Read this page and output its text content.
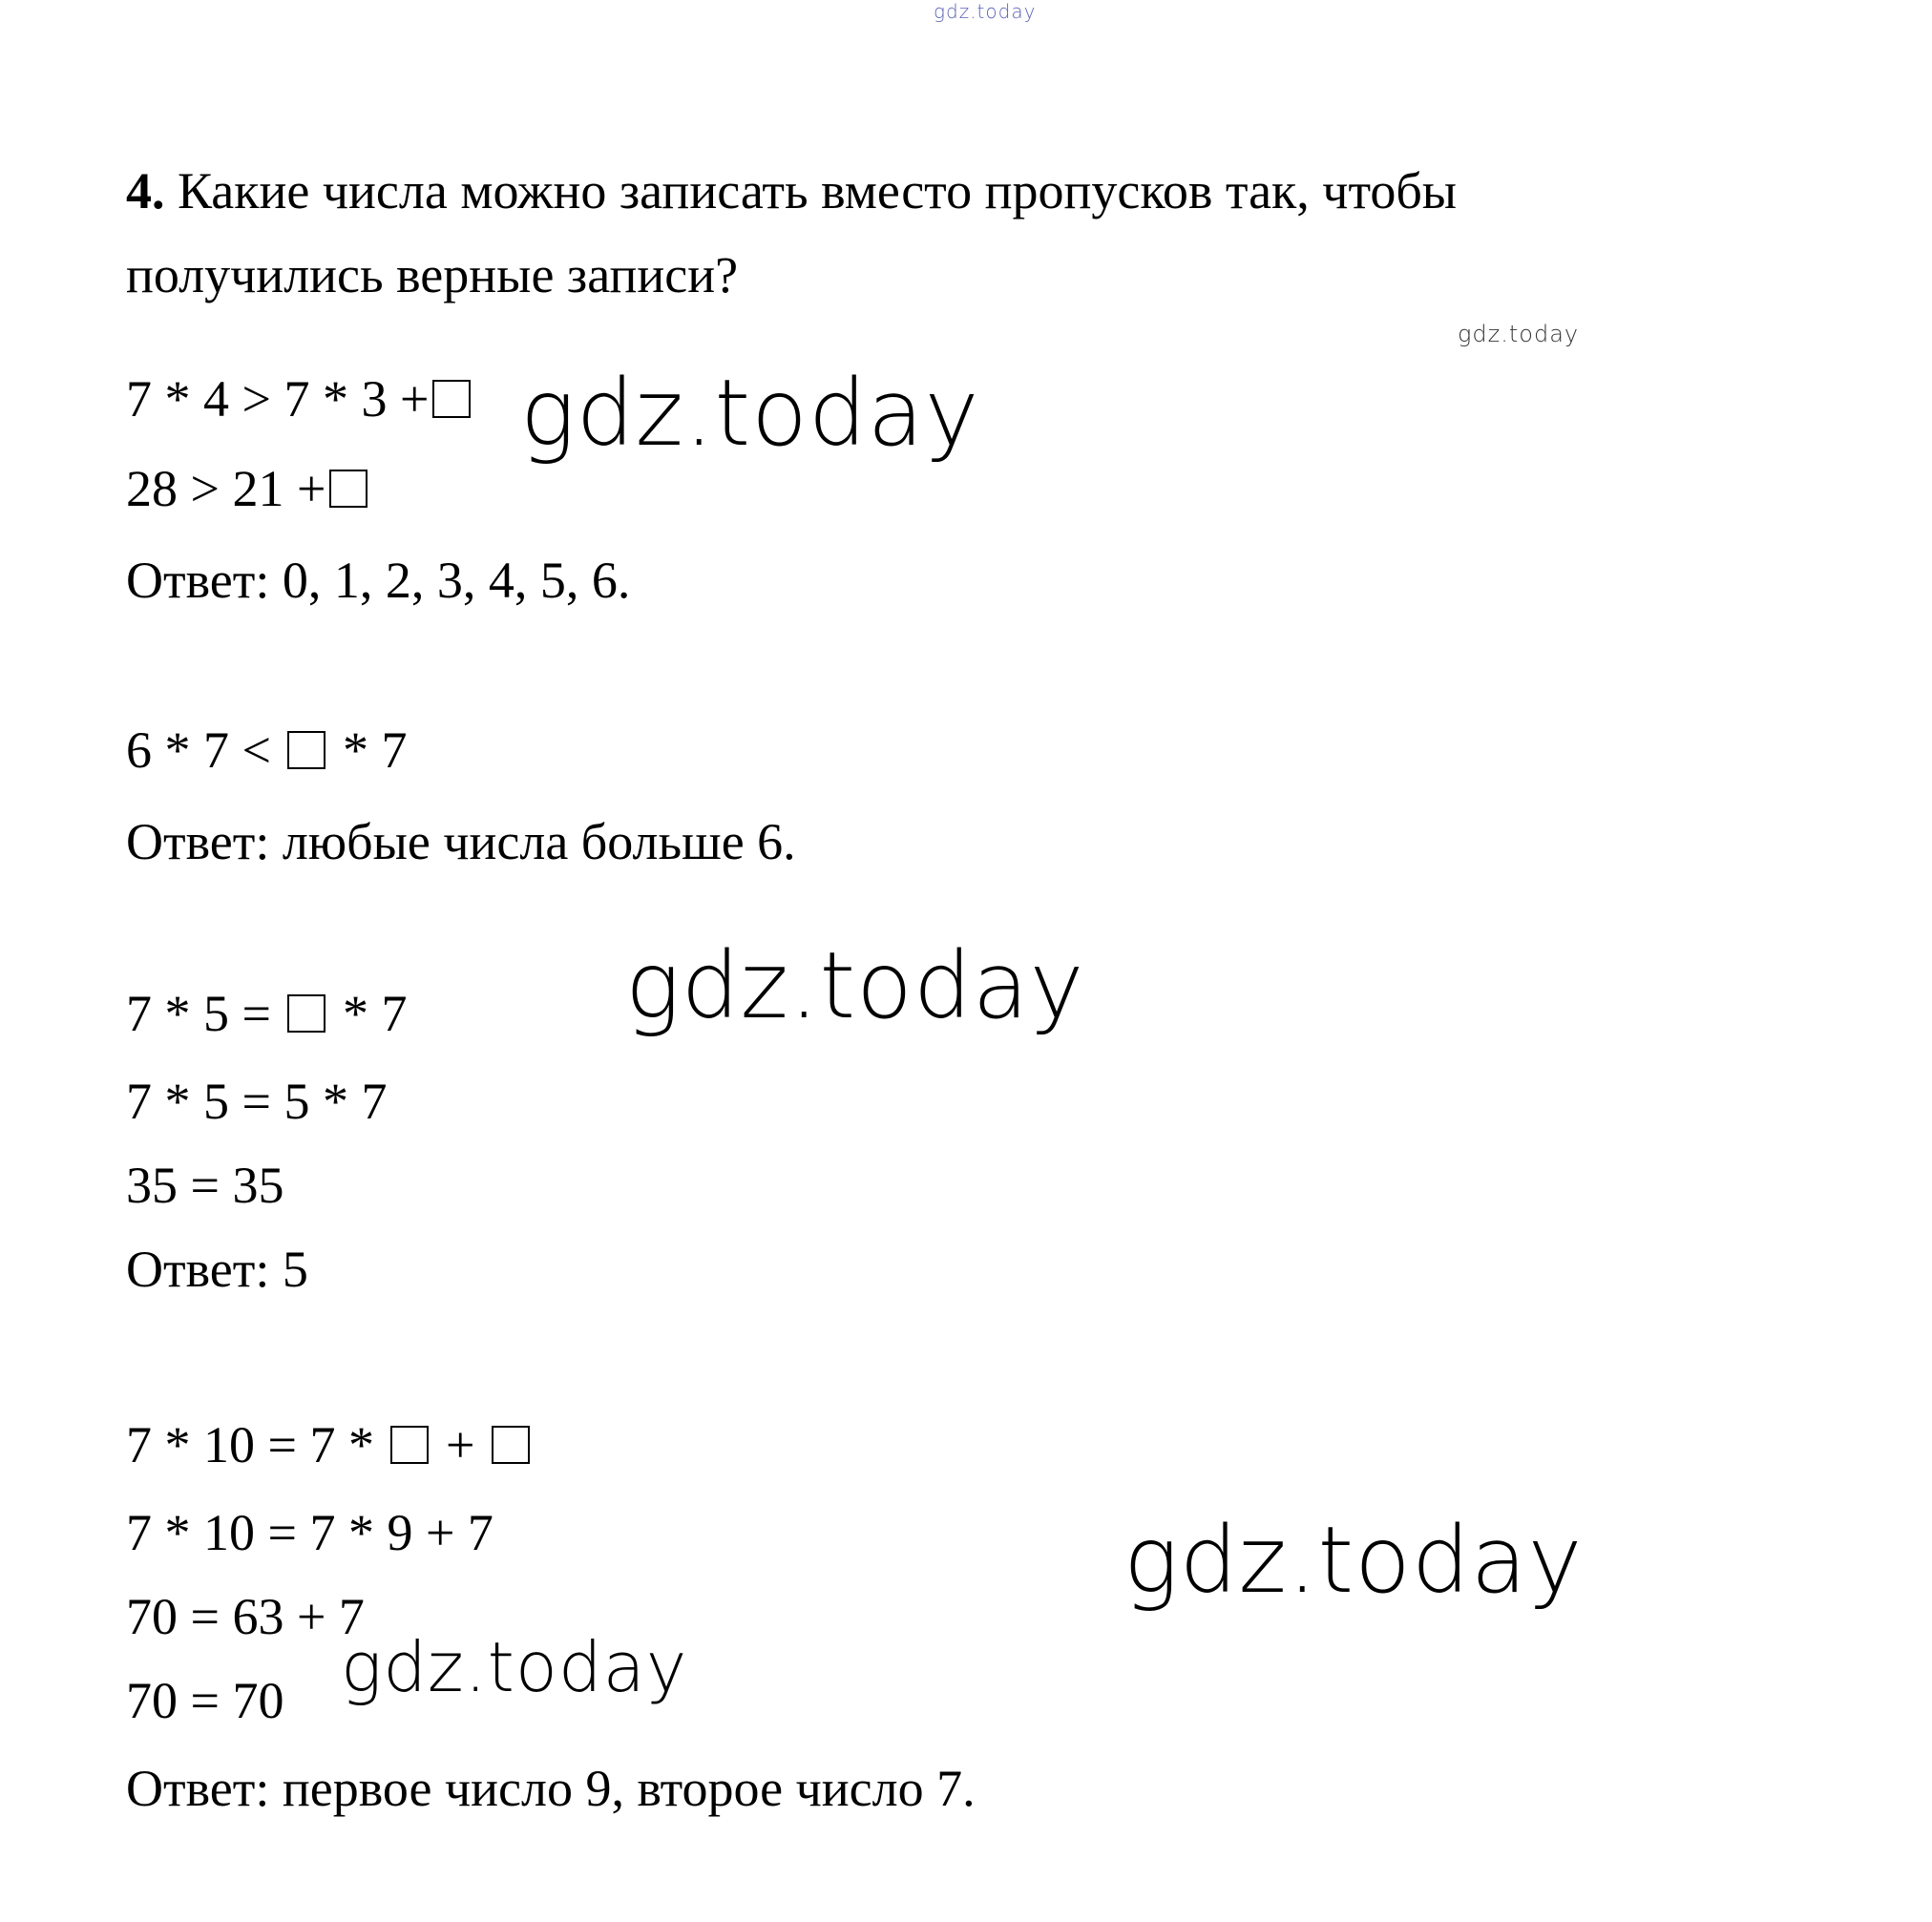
gdz.today
4. Какие числа можно записать вместо пропусков так, чтобы
получились верные записи?
gdz.today
7 * 4 > 7 * 3 + gdz.today
28 > 21 +
Ответ: 0, 1, 2, 3, 4, 5, 6.
6 * 7 < * 7
Ответ: любые числа больше 6.
7 * 5 = * 7 gdz.today
7 * 5 = 5 * 7
35 = 35
Ответ: 5
7 * 10 = 7 * +
7 * 10 = 7 * 9 + 7	gdz.today
70 = 63 + 7
70 = 70 gdz.today
Ответ: первое число 9, второе число 7.
